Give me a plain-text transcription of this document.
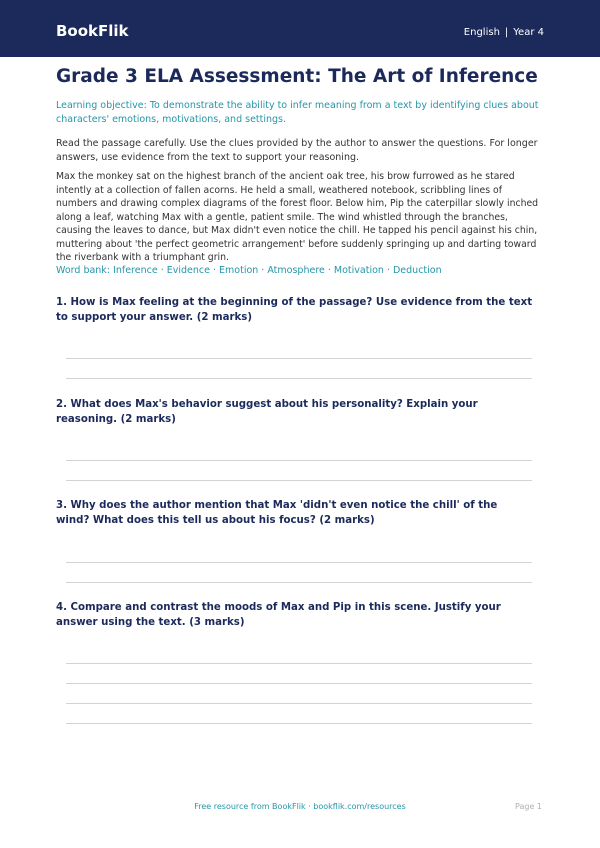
BookFlik	English | Year 4
Grade 3 ELA Assessment: The Art of Inference

Learning objective: To demonstrate the ability to infer meaning from a text by identifying clues about characters' emotions, motivations, and settings.

Read the passage carefully. Use the clues provided by the author to answer the questions. For longer answers, use evidence from the text to support your reasoning.

Max the monkey sat on the highest branch of the ancient oak tree, his brow furrowed as he stared intently at a collection of fallen acorns. He held a small, weathered notebook, scribbling lines of numbers and drawing complex diagrams of the forest floor. Below him, Pip the caterpillar slowly inched along a leaf, watching Max with a gentle, patient smile. The wind whistled through the branches, causing the leaves to dance, but Max didn't even notice the chill. He tapped his pencil against his chin, muttering about 'the perfect geometric arrangement' before suddenly springing up and darting toward the riverbank with a triumphant grin.

Word bank: Inference · Evidence · Emotion · Atmosphere · Motivation · Deduction

1. How is Max feeling at the beginning of the passage? Use evidence from the text to support your answer. (2 marks)

2. What does Max's behavior suggest about his personality? Explain your reasoning. (2 marks)

3. Why does the author mention that Max 'didn't even notice the chill' of the wind? What does this tell us about his focus? (2 marks)

4. Compare and contrast the moods of Max and Pip in this scene. Justify your answer using the text. (3 marks)

Free resource from BookFlik · bookflik.com/resources	Page 1
